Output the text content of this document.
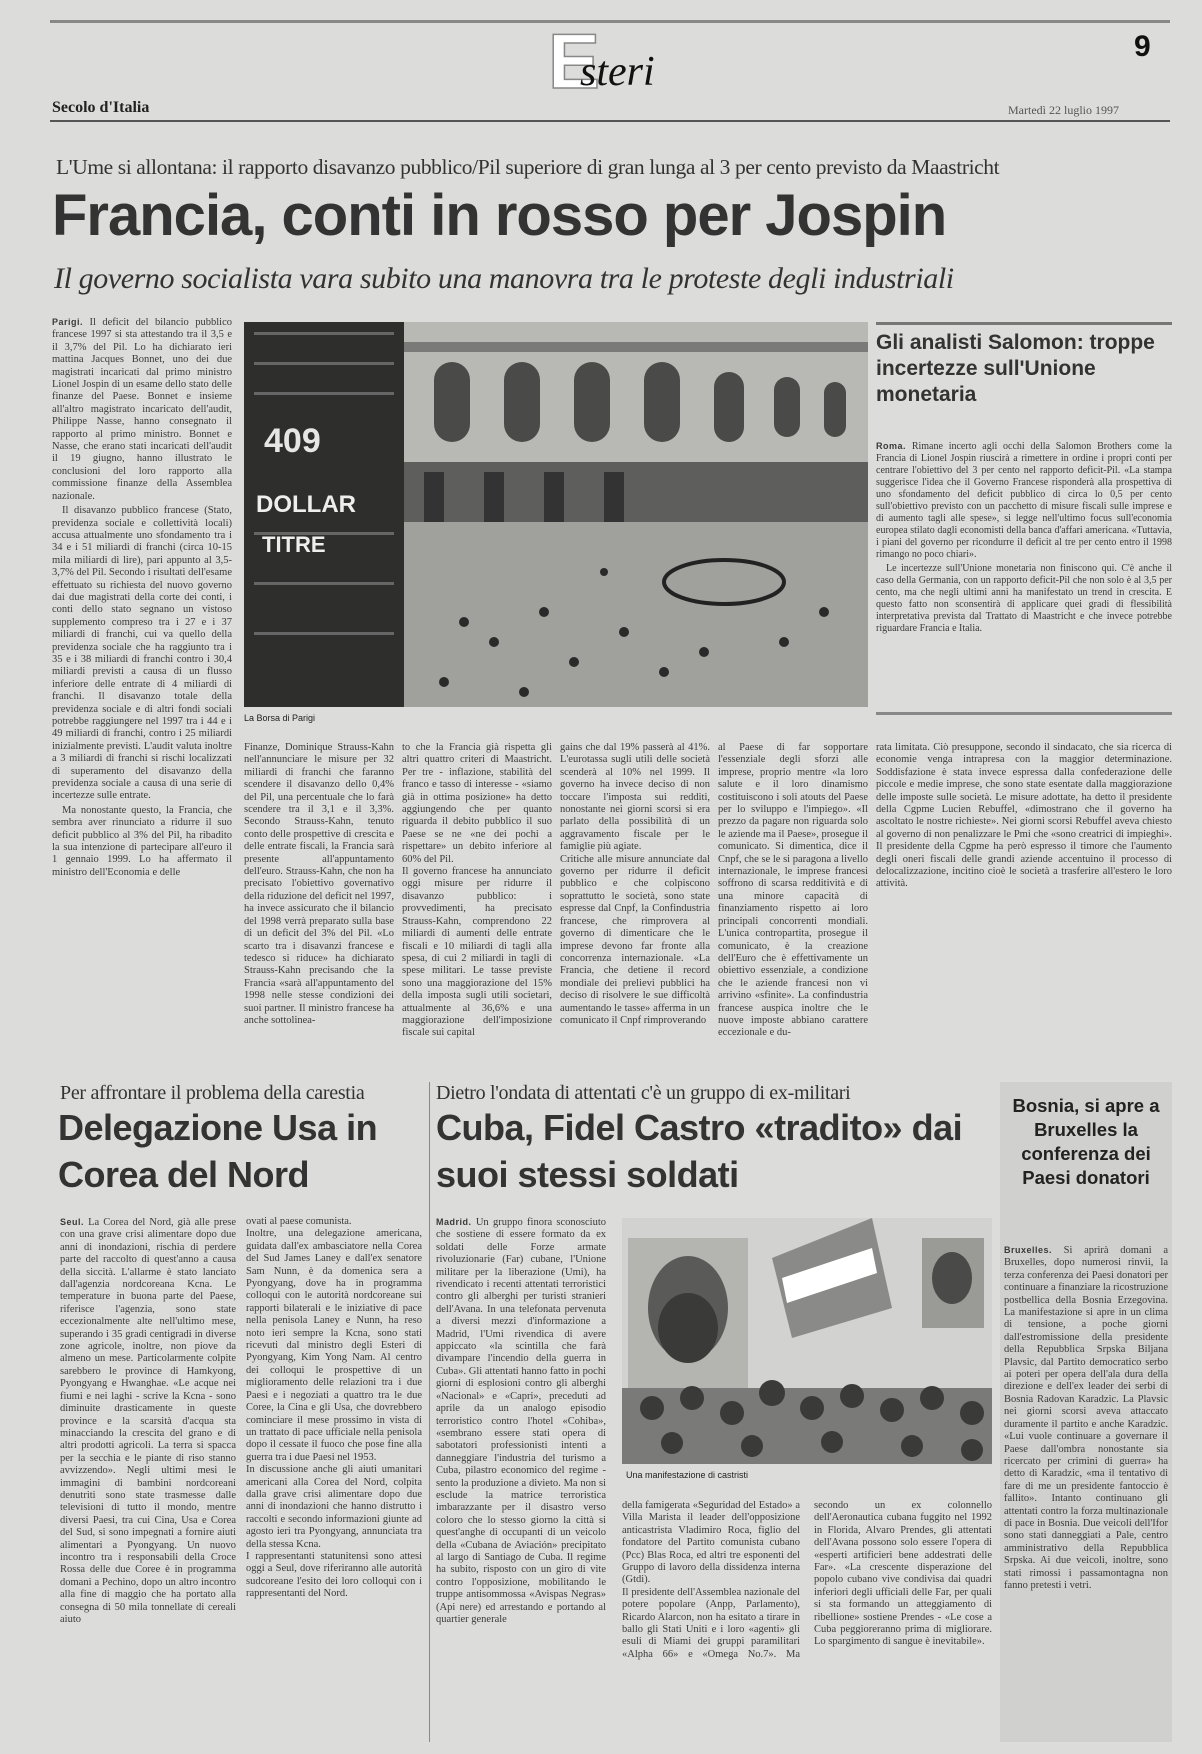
E
steri
9
Secolo d'Italia	Martedì 22 luglio 1997
L'Ume si allontana: il rapporto disavanzo pubblico/Pil superiore di gran lunga al 3 per cento previsto da Maastricht
Francia, conti in rosso per Jospin
Il governo socialista vara subito una manovra tra le proteste degli industriali

Parigi. Il deficit del bilancio pubblico francese 1997 si sta attestando tra il 3,5 e il 3,7% del Pil. Lo ha dichiarato ieri mattina Jacques Bonnet, uno dei due magistrati incaricati dal primo ministro Lionel Jospin di un esame dello stato delle finanze del Paese. Bonnet e insieme all'altro magistrato incaricato dell'audit, Philippe Nasse, hanno consegnato il rapporto al primo ministro. Bonnet e Nasse, che erano stati incaricati dell'audit il 19 giugno, hanno illustrato le conclusioni del loro rapporto alla commissione finanze della Assemblea nazionale.

Il disavanzo pubblico francese (Stato, previdenza sociale e collettività locali) accusa attualmente uno sfondamento tra i 34 e i 51 miliardi di franchi (circa 10-15 mila miliardi di lire), pari appunto al 3,5-3,7% del Pil. Secondo i risultati dell'esame effettuato su richiesta del nuovo governo dai due magistrati della corte dei conti, i conti dello stato segnano un vistoso supplemento compreso tra i 27 e i 37 miliardi di franchi, cui va quello della previdenza sociale che ha raggiunto tra i 35 e i 38 miliardi di franchi contro i 30,4 miliardi previsti a causa di un flusso inferiore delle entrate di 4 miliardi di franchi. Il disavanzo totale della previdenza sociale e di altri fondi sociali potrebbe raggiungere nel 1997 tra i 44 e i 49 miliardi di franchi, contro i 25 miliardi inizialmente previsti. L'audit valuta inoltre a 3 miliardi di franchi si rischi localizzati di superamento del disavanzo della previdenza sociale a causa di una serie di incertezze sulle entrate.

Ma nonostante questo, la Francia, che sembra aver rinunciato a ridurre il suo deficit pubblico al 3% del Pil, ha ribadito la sua intenzione di partecipare all'euro il 1 gennaio 1999. Lo ha affermato il ministro dell'Economia e delle

409
DOLLAR
TITRE
La Borsa di Parigi
Gli analisti Salomon: troppe incertezze sull'Unione monetaria

Roma. Rimane incerto agli occhi della Salomon Brothers come la Francia di Lionel Jospin riuscirà a rimettere in ordine i propri conti per centrare l'obiettivo del 3 per cento nel rapporto deficit-Pil. «La stampa suggerisce l'idea che il Governo Francese risponderà alla prospettiva di uno sfondamento del deficit pubblico di circa lo 0,5 per cento sull'obiettivo previsto con un pacchetto di misure fiscali sulle imprese e di aumento tagli alle spese», si legge nell'ultimo focus sull'economia europea stilato dagli economisti della banca d'affari americana. «Tuttavia, i piani del governo per ricondurre il deficit al tre per cento entro il 1998 rimango no poco chiari».

Le incertezze sull'Unione monetaria non finiscono qui. C'è anche il caso della Germania, con un rapporto deficit-Pil che non solo è al 3,5 per cento, ma che negli ultimi anni ha manifestato un trend in crescita. E questo fatto non sconsentirà di applicare quei gradi di flessibilità interpretativa prevista dal Trattato di Maastricht e che invece potrebbe riguardare Francia e Italia.

Finanze, Dominique Strauss-Kahn nell'annunciare le misure per 32 miliardi di franchi che faranno scendere il disavanzo dello 0,4% del Pil, una percentuale che lo farà scendere tra il 3,1 e il 3,3%. Secondo Strauss-Kahn, tenuto conto delle prospettive di crescita e delle entrate fiscali, la Francia sarà presente all'appuntamento dell'euro. Strauss-Kahn, che non ha precisato l'obiettivo governativo della riduzione del deficit nel 1997, ha invece assicurato che il bilancio del 1998 verrà preparato sulla base di un deficit del 3% del Pil. «Lo scarto tra i disavanzi francese e tedesco si riduce» ha dichiarato Strauss-Kahn precisando che la Francia «sarà all'appuntamento del 1998 nelle stesse condizioni dei suoi partner. Il ministro francese ha anche sottolinea-
to che la Francia già rispetta gli altri quattro criteri di Maastricht. Per tre - inflazione, stabilità del franco e tasso di interesse - «siamo già in ottima posizione» ha detto aggiungendo che per quanto riguarda il debito pubblico il suo Paese se ne «ne dei pochi a rispettare» un debito inferiore al 60% del Pil.
Il governo francese ha annunciato oggi misure per ridurre il disavanzo pubblico: i provvedimenti, ha precisato Strauss-Kahn, comprendono 22 miliardi di aumenti delle entrate fiscali e 10 miliardi di tagli alla spesa, di cui 2 miliardi in tagli di spese militari. Le tasse previste sono una maggiorazione del 15% della imposta sugli utili societari, attualmente al 36,6% e una maggiorazione dell'imposizione fiscale sui capital
gains che dal 19% passerà al 41%. L'eurotassa sugli utili delle società scenderà al 10% nel 1999. Il governo ha invece deciso di non toccare l'imposta sui redditi, nonostante nei giorni scorsi si era parlato della possibilità di un aggravamento fiscale per le famiglie più agiate.
Critiche alle misure annunciate dal governo per ridurre il deficit pubblico e che colpiscono soprattutto le società, sono state espresse dal Cnpf, la Confindustria francese, che rimprovera al governo di dimenticare che le imprese devono far fronte alla concorrenza internazionale. «La Francia, che detiene il record mondiale dei prelievi pubblici ha deciso di risolvere le sue difficoltà aumentando le tasse» afferma in un comunicato il Cnpf rimproverando
al Paese di far sopportare l'essenziale degli sforzi alle imprese, proprio mentre «la loro salute e il loro dinamismo costituiscono i soli atouts del Paese per lo sviluppo e l'impiego». «Il prezzo da pagare non riguarda solo le aziende ma il Paese», prosegue il comunicato. Si dimentica, dice il Cnpf, che se le si paragona a livello internazionale, le imprese francesi soffrono di scarsa redditività e di una minore capacità di finanziamento rispetto ai loro principali concorrenti mondiali. L'unica contropartita, prosegue il comunicato, è la creazione dell'Euro che è effettivamente un obiettivo essenziale, a condizione che le aziende francesi non vi arrivino «sfinite». La confindustria francese auspica inoltre che le nuove imposte abbiano carattere eccezionale e du-
rata limitata. Ciò presuppone, secondo il sindacato, che sia ricerca di economie venga intrapresa con la maggior determinazione. Soddisfazione è stata invece espressa dalla confederazione delle piccole e medie imprese, che sono state esentate dalla maggiorazione delle imposte sulle società. Le misure adottate, ha detto il presidente della Cgpme Lucien Rebuffel, «dimostrano che il governo ha ascoltato le nostre richieste». Nei giorni scorsi Rebuffel aveva chiesto al governo di non penalizzare le Pmi che «sono creatrici di impieghi». Il presidente della Cgpme ha però espresso il timore che l'aumento degli oneri fiscali delle grandi aziende accentuino il processo di delocalizzazione, incitino cioè le società a trasferire all'estero le loro attività.
Per affrontare il problema della carestia
Delegazione Usa in Corea del Nord

Seul. La Corea del Nord, già alle prese con una grave crisi alimentare dopo due anni di inondazioni, rischia di perdere parte del raccolto di quest'anno a causa della siccità. L'allarme è stato lanciato dall'agenzia nordcoreana Kcna. Le temperature in buona parte del Paese, riferisce l'agenzia, sono state eccezionalmente alte nell'ultimo mese, superando i 35 gradi centigradi in diverse zone agricole, inoltre, non piove da almeno un mese. Particolarmente colpite sarebbero le province di Hamkyong, Pyongyang e Hwanghae. «Le acque nei fiumi e nei laghi - scrive la Kcna - sono diminuite drasticamente in queste province e la scarsità d'acqua sta minacciando la crescita del grano e di altri prodotti agricoli. La terra si spacca per la secchia e le piante di riso stanno avvizzendo». Negli ultimi mesi le immagini di bambini nordcoreani denutriti sono state trasmesse dalle televisioni di tutto il mondo, mentre diversi Paesi, tra cui Cina, Usa e Corea del Sud, si sono impegnati a fornire aiuti alimentari a Pyongyang. Un nuovo incontro tra i responsabili della Croce Rossa delle due Coree è in programma domani a Pechino, dopo un altro incontro alla fine di maggio che ha portato alla consegna di 50 mila tonnellate di cereali aiuto

ovati al paese comunista.
Inoltre, una delegazione americana, guidata dall'ex ambasciatore nella Corea del Sud James Laney e dall'ex senatore Sam Nunn, è da domenica sera a Pyongyang, dove ha in programma colloqui con le autorità nordcoreane sui rapporti bilaterali e le iniziative di pace nella penisola Laney e Nunn, ha reso noto ieri sempre la Kcna, sono stati ricevuti dal ministro degli Esteri di Pyongyang, Kim Yong Nam. Al centro dei colloqui le prospettive di un miglioramento delle relazioni tra i due Paesi e i negoziati a quattro tra le due Coree, la Cina e gli Usa, che dovrebbero cominciare il mese prossimo in vista di un trattato di pace ufficiale nella penisola dopo il cessate il fuoco che pose fine alla guerra tra i due Paesi nel 1953.
In discussione anche gli aiuti umanitari americani alla Corea del Nord, colpita dalla grave crisi alimentare dopo due anni di inondazioni che hanno distrutto i raccolti e secondo informazioni giunte ad agosto ieri tra Pyongyang, annunciata tra della stessa Kcna.
I rappresentanti statunitensi sono attesi oggi a Seul, dove riferiranno alle autorità sudcoreane l'esito dei loro colloqui con i rappresentanti del Nord.
Dietro l'ondata di attentati c'è un gruppo di ex-militari
Cuba, Fidel Castro «tradito» dai suoi stessi soldati

Madrid. Un gruppo finora sconosciuto che sostiene di essere formato da ex soldati delle Forze armate rivoluzionarie (Far) cubane, l'Unione militare per la liberazione (Umi), ha rivendicato i recenti attentati terroristici contro gli alberghi per turisti stranieri dell'Avana. In una telefonata pervenuta a diversi mezzi d'informazione a Madrid, l'Umi rivendica di avere appiccato «la scintilla che farà divampare l'incendio della guerra in Cuba». Gli attentati hanno fatto in pochi giorni di esplosioni contro gli alberghi «Nacional» e «Capri», preceduti ad aprile da un analogo episodio terroristico contro l'hotel «Cohiba», «sembrano essere stati opera di sabotatori professionisti intenti a danneggiare l'industria del turismo a Cuba, pilastro economico del regime - sento la produzione a divieto. Ma non si esclude la matrice terroristica imbarazzante per il disastro verso coloro che lo stesso giorno la città si quest'anghe di occupanti di un veicolo della «Cubana de Aviación» precipitato al largo di Santiago de Cuba. Il regime ha subito, risposto con un giro di vite contro l'opposizione, mobilitando le truppe antisommossa «Avispas Negras» (Api nere) ed arrestando e portando al quartier generale

Una manifestazione di castristi
della famigerata «Seguridad del Estado» a Villa Marista il leader dell'opposizione anticastrista Vladimiro Roca, figlio del fondatore del Partito comunista cubano (Pcc) Blas Roca, ed altri tre esponenti del Gruppo di lavoro della dissidenza interna (Gtdi).
Il presidente dell'Assemblea nazionale del potere popolare (Anpp, Parlamento), Ricardo Alarcon, non ha esitato a tirare in ballo gli Stati Uniti e i loro «agenti» gli esuli di Miami dei gruppi paramilitari «Alpha 66» e «Omega No.7». Ma secondo un ex colonnello dell'Aeronautica cubana fuggito nel 1992 in Florida, Alvaro Prendes, gli attentati dell'Avana possono solo essere l'opera di «esperti artificieri bene addestrati delle Far». «La crescente disperazione del popolo cubano vive condivisa dai quadri inferiori degli ufficiali delle Far, per quali si sta formando un atteggiamento di ribellione» sostiene Prendes - «Le cose a Cuba peggioreranno prima di migliorare. Lo spargimento di sangue è inevitabile».
Bosnia, si apre a Bruxelles la conferenza dei Paesi donatori

Bruxelles. Si aprirà domani a Bruxelles, dopo numerosi rinvii, la terza conferenza dei Paesi donatori per continuare a finanziare la ricostruzione postbellica della Bosnia Erzegovina. La manifestazione si apre in un clima di tensione, a poche giorni dall'estromissione della presidente della Repubblica Srpska Biljana Plavsic, dal Partito democratico serbo ai poteri per opera dell'ala dura della direzione e dell'ex leader dei serbi di Bosnia Radovan Karadzic. La Plavsic nei giorni scorsi aveva attaccato duramente il partito e anche Karadzic. «Lui vuole continuare a governare il Paese dall'ombra nonostante sia ricercato per crimini di guerra» ha detto di Karadzic, «ma il tentativo di fare di me un presidente fantoccio è fallito». Intanto continuano gli attentati contro la forza multinazionale di pace in Bosnia. Due veicoli dell'Ifor sono stati danneggiati a Pale, centro amministrativo della Repubblica Srpska. Ai due veicoli, inoltre, sono stati rimossi i passamontagna non fanno pretesti i vetri.
